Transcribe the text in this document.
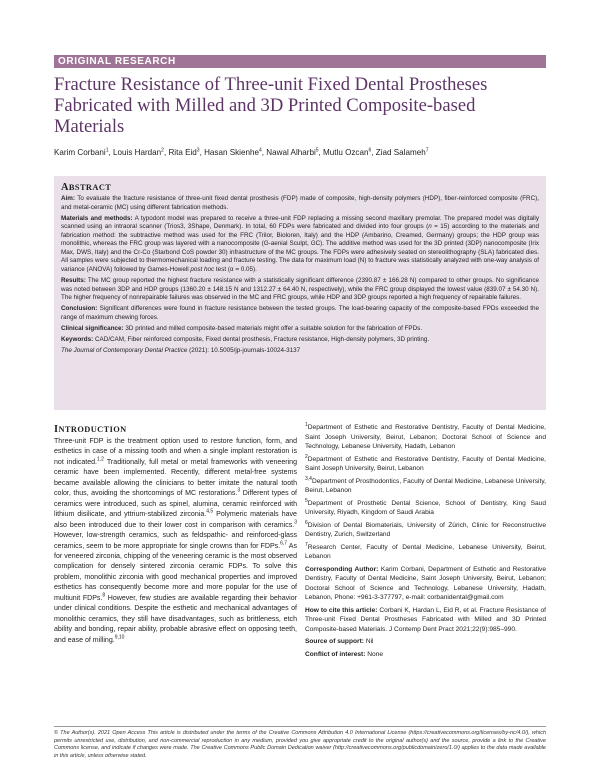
ORIGINAL RESEARCH
Fracture Resistance of Three-unit Fixed Dental Prostheses Fabricated with Milled and 3D Printed Composite-based Materials
Karim Corbani$^1$, Louis Hardan$^2$, Rita Eid$^3$, Hasan Skienhe$^4$, Nawal Alharbi$^5$, Mutlu Ozcan$^6$, Ziad Salameh$^7$
ABSTRACT

Aim: To evaluate the fracture resistance of three-unit fixed dental prosthesis (FDP) made of composite, high-density polymers (HDP), fiber-reinforced composite (FRC), and metal-ceramic (MC) using different fabrication methods.

Materials and methods: A typodont model was prepared to receive a three-unit FDP replacing a missing second maxillary premolar. The prepared model was digitally scanned using an intraoral scanner (Trios3, 3Shape, Denmark). In total, 60 FDPs were fabricated and divided into four groups (n = 15) according to the materials and fabrication method: the subtractive method was used for the FRC (Trilor, Bioloren, Italy) and the HDP (Ambarino, Creamed, Germany) groups; the HDP group was monolithic, whereas the FRC group was layered with a nanocomposite (G-aenial Sculpt, GC). The additive method was used for the 3D printed (3DP) nanocomposite (Irix Max, DWS, Italy) and the Cr-Co (Starbond CoS powder 30) infrastructure of the MC groups. The FDPs were adhesively seated on stereolithography (SLA) fabricated dies. All samples were subjected to thermomechanical loading and fracture testing. The data for maximum load (N) to fracture was statistically analyzed with one-way analysis of variance (ANOVA) followed by Games-Howell post hoc test (α = 0.05).

Results: The MC group reported the highest fracture resistance with a statistically significant difference (2390.87 ± 166.28 N) compared to other groups. No significance was noted between 3DP and HDP groups (1360.20 ± 148.15 N and 1312.27 ± 64.40 N, respectively), while the FRC group displayed the lowest value (839.07 ± 54.30 N). The higher frequency of nonrepairable failures was observed in the MC and FRC groups, while HDP and 3DP groups reported a high frequency of repairable failures.

Conclusion: Significant differences were found in fracture resistance between the tested groups. The load-bearing capacity of the composite-based FPDs exceeded the range of maximum chewing forces.

Clinical significance: 3D printed and milled composite-based materials might offer a suitable solution for the fabrication of FPDs.

Keywords: CAD/CAM, Fiber reinforced composite, Fixed dental prosthesis, Fracture resistance, High-density polymers, 3D printing.

The Journal of Contemporary Dental Practice (2021): 10.5005/jp-journals-10024-3137

INTRODUCTION

Three-unit FDP is the treatment option used to restore function, form, and esthetics in case of a missing tooth and when a single implant restoration is not indicated.$^{1,2}$ Traditionally, full metal or metal frameworks with veneering ceramic have been implemented. Recently, different metal-free systems became available allowing the clinicians to better imitate the natural tooth color, thus, avoiding the shortcomings of MC restorations.$^3$ Different types of ceramics were introduced, such as spinel, alumina, ceramic reinforced with lithium disilicate, and yttrium-stabilized zirconia.$^{4,5}$ Polymeric materials have also been introduced due to their lower cost in comparison with ceramics.$^3$ However, low-strength ceramics, such as feldspathic- and reinforced-glass ceramics, seem to be more appropriate for single crowns than for FDPs.$^{6,7}$ As for veneered zirconia, chipping of the veneering ceramic is the most observed complication for densely sintered zirconia ceramic FDPs. To solve this problem, monolithic zirconia with good mechanical properties and improved esthetics has consequently become more and more popular for the use of multiunit FDPs.$^8$ However, few studies are available regarding their behavior under clinical conditions. Despite the esthetic and mechanical advantages of monolithic ceramics, they still have disadvantages, such as brittleness, etch ability and bonding, repair ability, probable abrasive effect on opposing teeth, and ease of milling.$^{9,10}$

$^1$Department of Esthetic and Restorative Dentistry, Faculty of Dental Medicine, Saint Joseph University, Beirut, Lebanon; Doctoral School of Science and Technology, Lebanese University, Hadath, Lebanon

$^2$Department of Esthetic and Restorative Dentistry, Faculty of Dental Medicine, Saint Joseph University, Beirut, Lebanon

$^{3,4}$Department of Prosthodontics, Faculty of Dental Medicine, Lebanese University, Beirut, Lebanon

$^5$Department of Prosthetic Dental Science, School of Dentistry, King Saud University, Riyadh, Kingdom of Saudi Arabia

$^6$Division of Dental Biomaterials, University of Zürich, Clinic for Reconstructive Dentistry, Zurich, Switzerland

$^7$Research Center, Faculty of Dental Medicine, Lebanese University, Beirut, Lebanon

Corresponding Author: Karim Corbani, Department of Esthetic and Restorative Dentistry, Faculty of Dental Medicine, Saint Joseph University, Beirut, Lebanon; Doctoral School of Science and Technology, Lebanese University, Hadath, Lebanon, Phone: +961-3-377797, e-mail: corbanidental@gmail.com

How to cite this article: Corbani K, Hardan L, Eid R, et al. Fracture Resistance of Three-unit Fixed Dental Prostheses Fabricated with Milled and 3D Printed Composite-based Materials. J Contemp Dent Pract 2021;22(9):985–990.

Source of support: Nil

Conflict of interest: None

© The Author(s). 2021 Open Access This article is distributed under the terms of the Creative Commons Attribution 4.0 International License (https://creativecommons.org/licenses/by-nc/4.0/), which permits unrestricted use, distribution, and non-commercial reproduction in any medium, provided you give appropriate credit to the original author(s) and the source, provide a link to the Creative Commons license, and indicate if changes were made. The Creative Commons Public Domain Dedication waiver (http://creativecommons.org/publicdomain/zero/1.0/) applies to the data made available in this article, unless otherwise stated.
